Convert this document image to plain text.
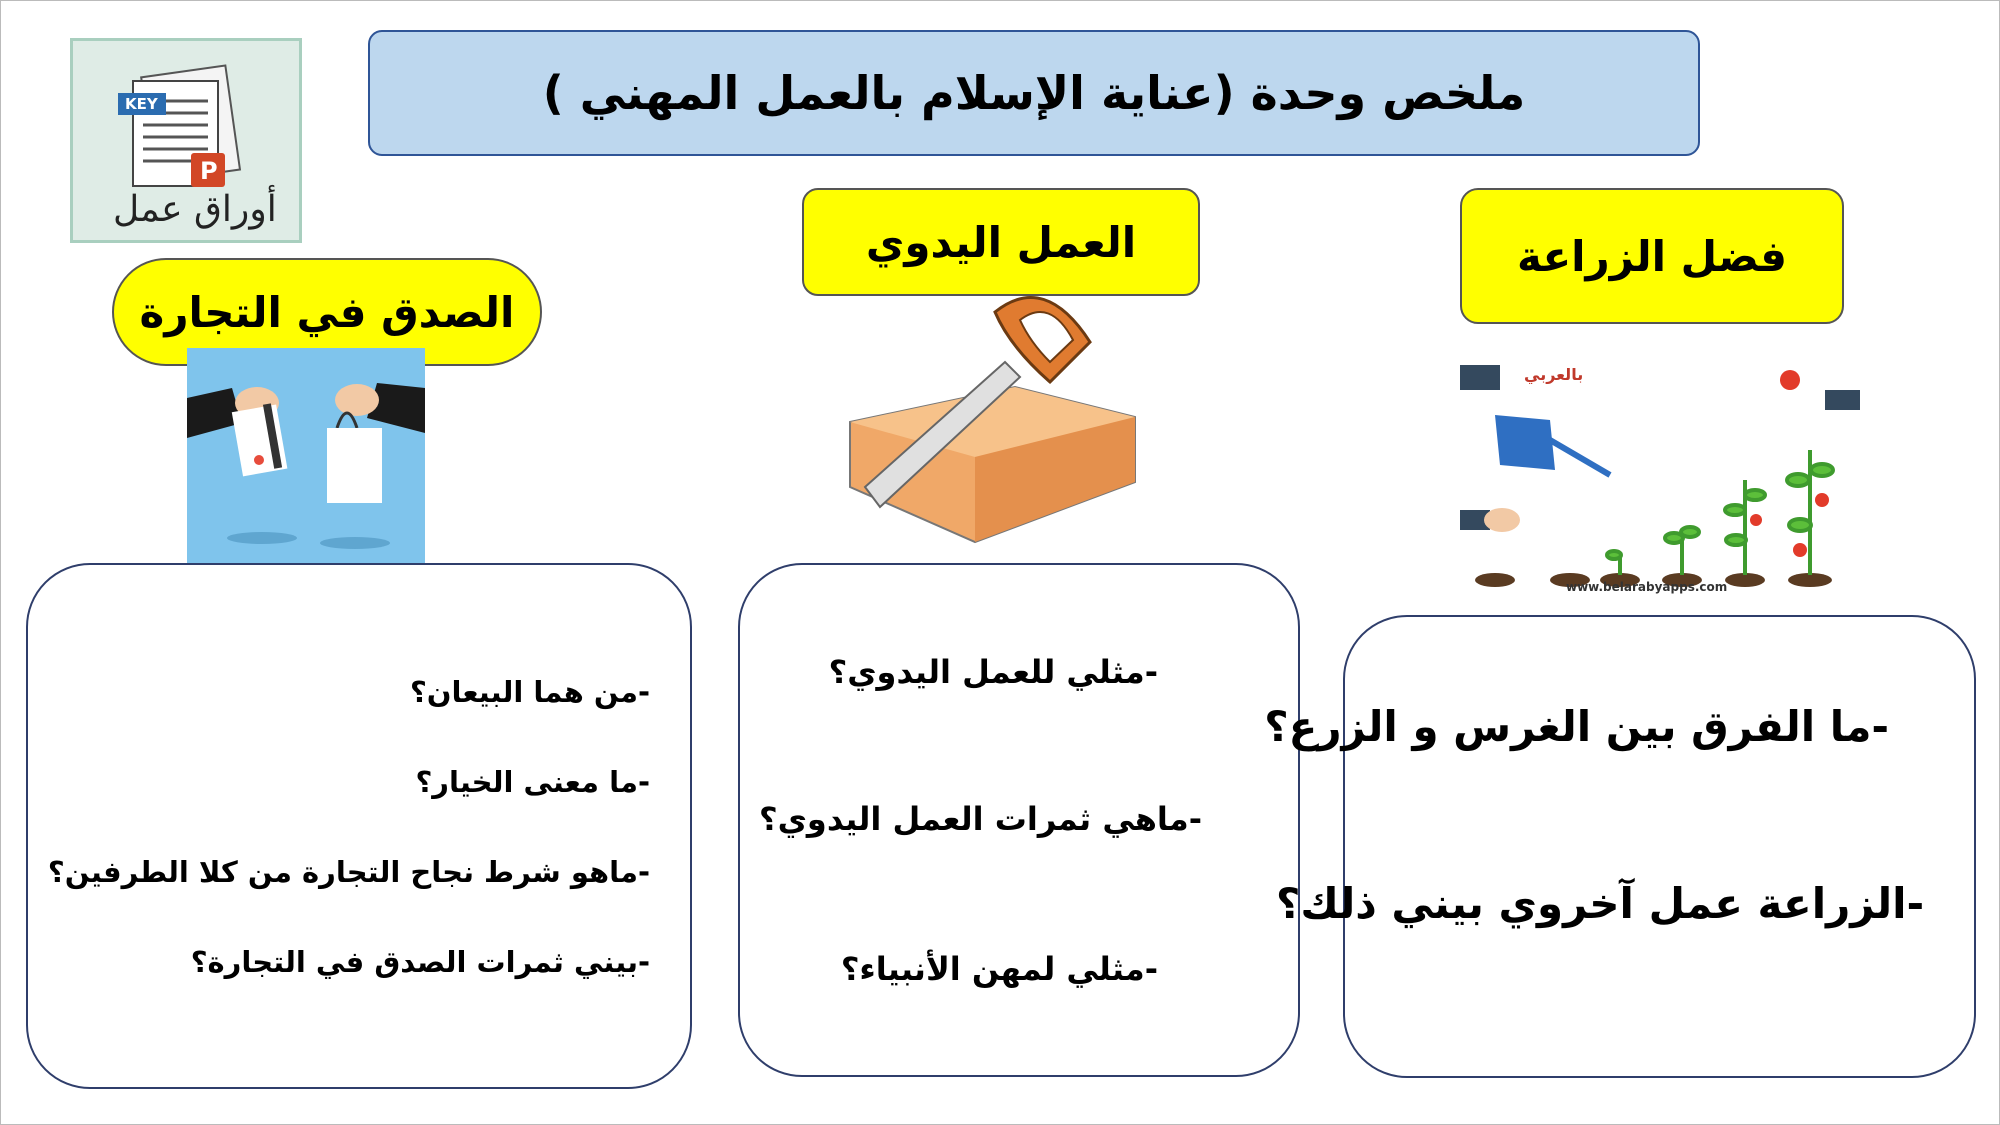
ملخص وحدة (عناية الإسلام بالعمل المهني )
KEY
P
أوراق عمل
الصدق في التجارة
العمل اليدوي	فضل الزراعة
بالعربي
www.belarabyapps.com
-من هما البيعان؟
-ما معنى الخيار؟
-ماهو شرط نجاح التجارة من كلا الطرفين؟
-بيني ثمرات الصدق في التجارة؟
-مثلي للعمل اليدوي؟
-ماهي ثمرات العمل اليدوي؟
-مثلي لمهن الأنبياء؟
-ما الفرق بين الغرس و الزرع؟
-الزراعة عمل آخروي بيني ذلك؟
